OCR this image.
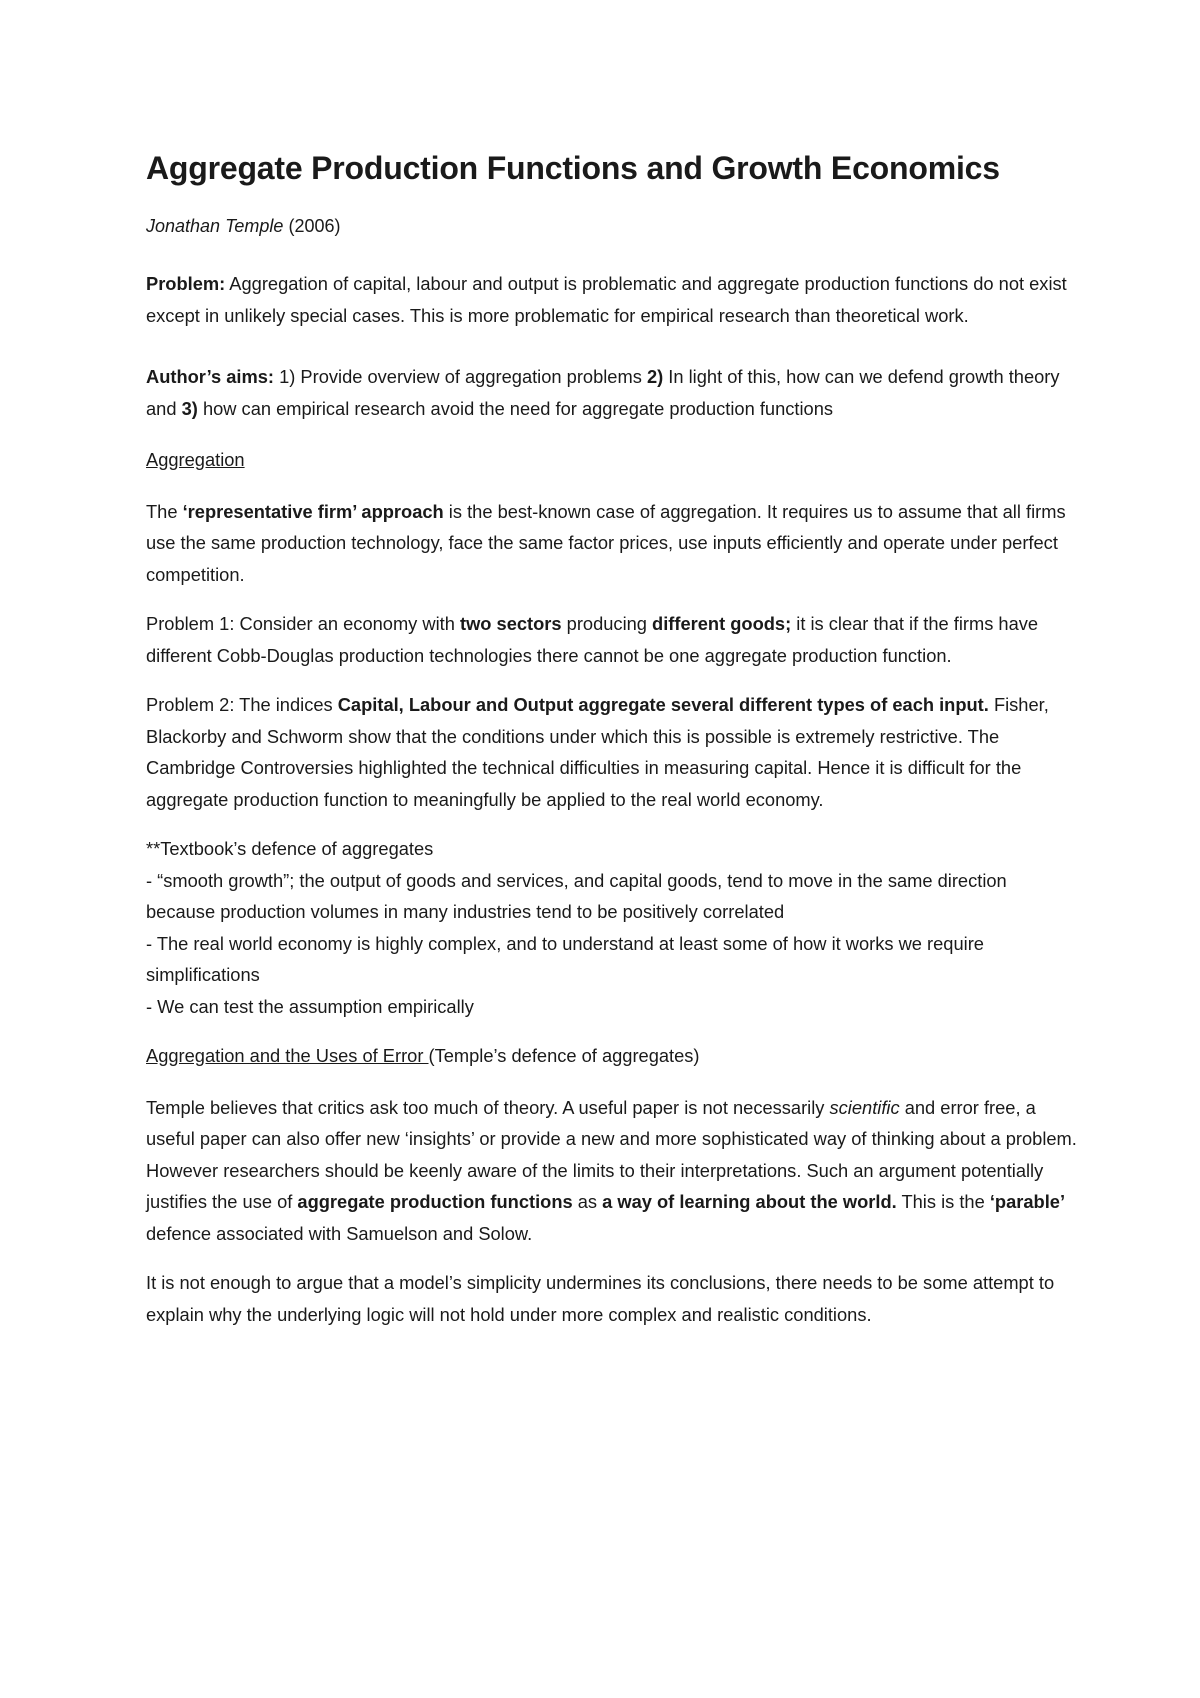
Aggregate Production Functions and Growth Economics

Jonathan Temple (2006)

Problem: Aggregation of capital, labour and output is problematic and aggregate production functions do not exist except in unlikely special cases. This is more problematic for empirical research than theoretical work.

Author’s aims: 1) Provide overview of aggregation problems 2) In light of this, how can we defend growth theory and 3) how can empirical research avoid the need for aggregate production functions

Aggregation

The ‘representative firm’ approach is the best-known case of aggregation. It requires us to assume that all firms use the same production technology, face the same factor prices, use inputs efficiently and operate under perfect competition.

Problem 1: Consider an economy with two sectors producing different goods; it is clear that if the firms have different Cobb-Douglas production technologies there cannot be one aggregate production function.

Problem 2: The indices Capital, Labour and Output aggregate several different types of each input. Fisher, Blackorby and Schworm show that the conditions under which this is possible is extremely restrictive. The Cambridge Controversies highlighted the technical difficulties in measuring capital. Hence it is difficult for the aggregate production function to meaningfully be applied to the real world economy.

**Textbook’s defence of aggregates

- “smooth growth”; the output of goods and services, and capital goods, tend to move in the same direction because production volumes in many industries tend to be positively correlated

- The real world economy is highly complex, and to understand at least some of how it works we require simplifications

- We can test the assumption empirically

Aggregation and the Uses of Error (Temple’s defence of aggregates)

Temple believes that critics ask too much of theory. A useful paper is not necessarily scientific and error free, a useful paper can also offer new ‘insights’ or provide a new and more sophisticated way of thinking about a problem. However researchers should be keenly aware of the limits to their interpretations. Such an argument potentially justifies the use of aggregate production functions as a way of learning about the world. This is the ‘parable’ defence associated with Samuelson and Solow.

It is not enough to argue that a model’s simplicity undermines its conclusions, there needs to be some attempt to explain why the underlying logic will not hold under more complex and realistic conditions.
